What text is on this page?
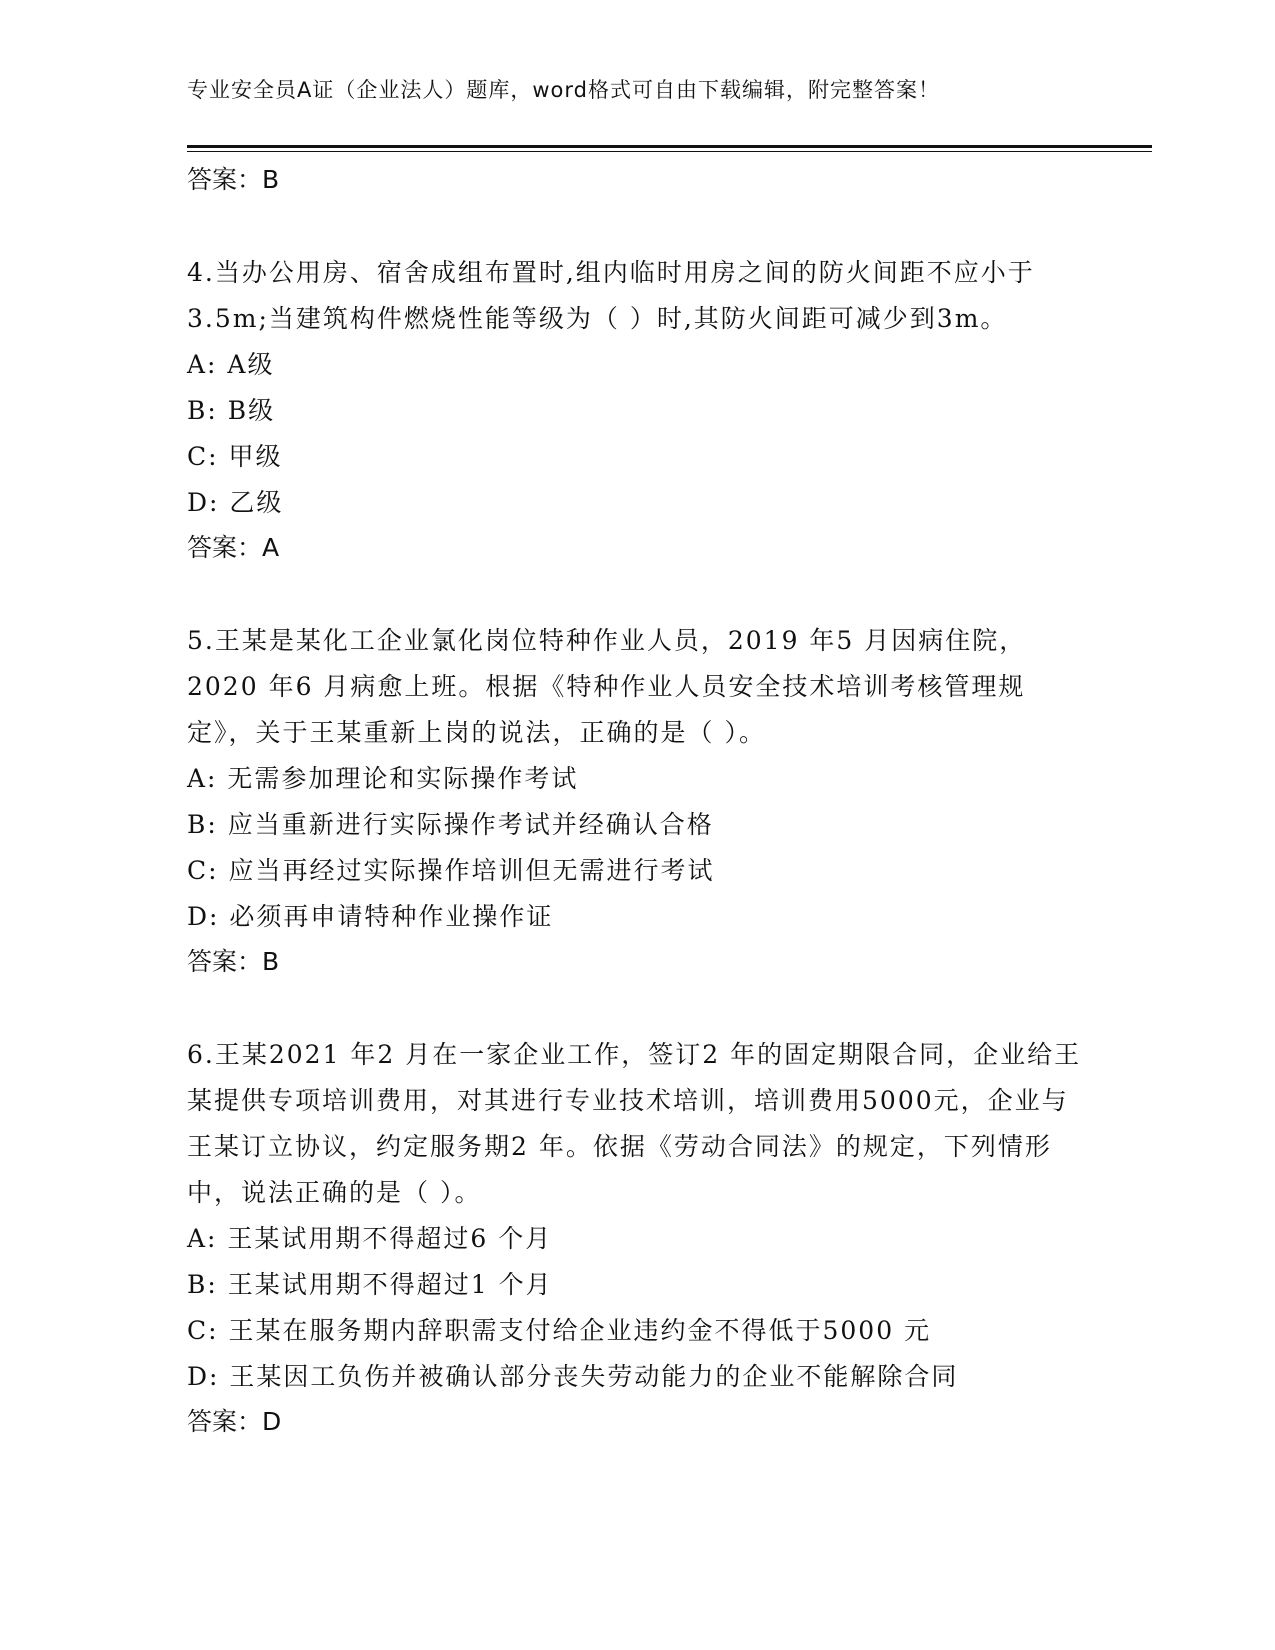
专业安全员A证（企业法人）题库，word格式可自由下载编辑，附完整答案！
答案：B
4.当办公用房、宿舍成组布置时,组内临时用房之间的防火间距不应小于3.5m;当建筑构件燃烧性能等级为（ ）时,其防火间距可减少到3m。
A: A级
B: B级
C: 甲级
D: 乙级
答案：A
5.王某是某化工企业氯化岗位特种作业人员，2019 年5 月因病住院，2020 年6 月病愈上班。根据《特种作业人员安全技术培训考核管理规定》，关于王某重新上岗的说法，正确的是（ ）。
A: 无需参加理论和实际操作考试
B: 应当重新进行实际操作考试并经确认合格
C: 应当再经过实际操作培训但无需进行考试
D: 必须再申请特种作业操作证
答案：B
6.王某2021 年2 月在一家企业工作，签订2 年的固定期限合同，企业给王某提供专项培训费用，对其进行专业技术培训，培训费用5000元，企业与王某订立协议，约定服务期2 年。依据《劳动合同法》的规定，下列情形中，说法正确的是（ ）。
A: 王某试用期不得超过6 个月
B: 王某试用期不得超过1 个月
C: 王某在服务期内辞职需支付给企业违约金不得低于5000 元
D: 王某因工负伤并被确认部分丧失劳动能力的企业不能解除合同
答案：D
